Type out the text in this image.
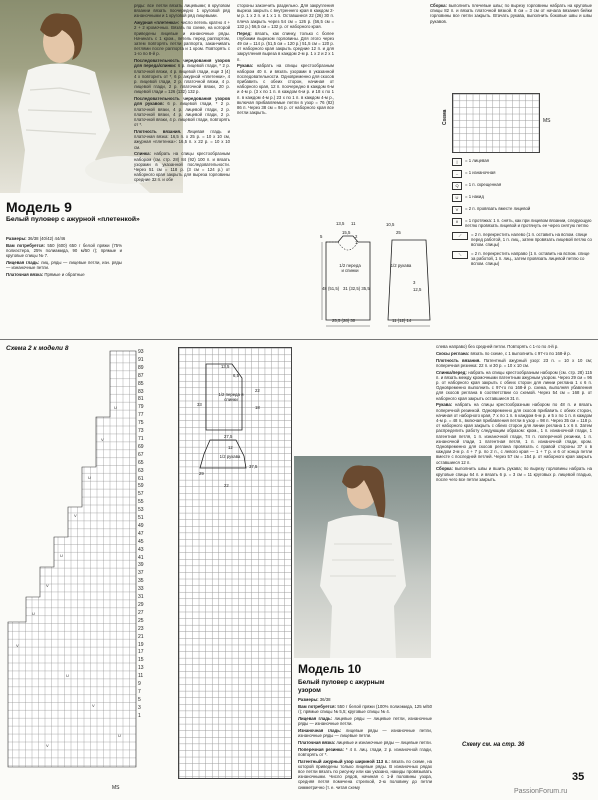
Модель 9
Белый пуловер с ажурной «плетенкой»

Размеры: 36/38 (40/42) 44/46

Вам потребуется: 550 (600) 650 г белой пряжи (75% полиэстера, 25% полиамида, 90 м/50 г); прямые и круговые спицы № 7.

Лицевая гладь: лиц. ряды — лицевые петли, изн. ряды — изнаночные петли.

Платочная вязка: Прямые и обратные

ряды: все петли вязать лицевыми; в круговом вязании вязать поочередно 1 круговой ряд изнаночными и 1 круговой ряд лицевыми.

Ажурная «плетенка»: число петель кратно 4 + 2 + 2 кромочных. Вязать по схеме, на которой приведены лицевые и изнаночные ряды. Начинать с 1 кром., петель перед раппортом, затем повторять петли раппорта, заканчивать петлями после раппорта и 1 кром. Повторять с 1-го по 8-й р.

Последовательность чередования узоров для переда/спинки: 6 р. лицевой глади, * 2 р. платочной вязки, 4 р. лицевой глади, еще 3 (4) 4 х повторить от *, 6 р. ажурной «плетенки», 4 р. лицевой глади, 2 р. платочной вязки, 4 р. лицевой глади, 2 р. платочной вязки, 20 р. лицевой глади = 126 (132) 132 р.

Последовательность чередования узоров для рукавов: 6 р. лицевой глади, * 2 р. платочной вязки, 4 р. лицевой глади, 2 р. платочной вязки, 4 р. лицевой глади, 2 р. платочной вязки, 4 р. лицевой глади, повторять от *.

Плотность вязания. Лицевая гладь и платочная вязка: 16,5 п. x 25 р. = 10 x 10 см, ажурная «плетенка»: 16,5 п. x 22 р. = 10 x 10 см.

Спинка: набрать на спицы крестообразным набором (см. стр. 28) 84 (92) 100 п. и вязать узорами в указанной последовательности. Через 51 см = 118 р. (3 см = 124 р.) от наборного края закрыть для выреза горловины средние 32 п. и обе

стороны закончить раздельно. Для закругления выреза закрыть с внутреннего края в каждом 2-м р. 1 x 2 п. и 1 x 1 п. Оставшиеся 22 (26) 30 п. плеча закрыть через 54 см = 126 р. (56,5 см = 132 р.) 56,5 см = 132 р. от наборного края.

Перед: вязать, как спинку, только с более глубоким вырезом горловины. Для этого через 49 см = 114 р. (51,5 см = 120 р.) 51,5 см = 120 р. от наборного края закрыть средние 12 п. и для закругления выреза в каждом 2-м р. 1 x 2 и 2 x 1 п.

Рукава: набрать на спицы крестообразным набором 40 п. и вязать узорами в указанной последовательности. Одновременно для скосов прибавить с обеих сторон, начиная от наборного края, 12 п. поочередно в каждом 6-м и 4-м р. (3 x по 1 п. в каждом 6-м р. и 18 x по 1 п. в каждом 4-м р.) 23 x по 1 п. в каждом 4-м р., включая прибавляемые петли в узор = 76 (82) 86 п. Через 38 см = 94 р. от наборного края все петли закрыть.

Сборка: выполнить плечевые швы; по вырезу горловины набрать на круговые спицы 82 п. и вязать платочной вязкой. 8 см = 3 см от начала вязания бейки горловины все петли закрыть. Втачать рукава, выполнить боковые швы и швы рукавов.

Схема	MS
|	= 1 лицевая
–	= 1 изнаночная
Q	= 1 п. скрещенная
U	= 1 накид
V	= 2 п. провязать вместе лицевой
∨	= 1 протяжка: 1 п. снять, как при лицевом вязании, следующую петлю провязать лицевой и протянуть ее через снятую петлю
⟋	= 2 п. перекрестить налево (1 п. оставить на вспом. спице перед работой, 1 п. лиц., затем провязать лицевой петлю со вспом. спицы)
⟍	= 2 п. перекрестить направо (1 п. оставить на вспом. спице за работой, 1 п. лиц., затем провязать лицевой петлю со вспом. спицы)
1/2 переда и спинки
1/2 рукава
13,5 11
15,5
5	2
1
10,5
48 (51,5) 31 (32,5) 35,5
25,5 (28) 30
12,5
3
11 (12) 14
25
Схема 2 к модели 8
U
V
U
V
U
V
U
V
U
V
U
V
93
91
89
87
85
83
81
79
77
75
73
71
69
67
65
63
61
59
57
55
53
51
49
47
45
43
41
39
37
35
33
31
29
27
25
23
21
19
17
15
13
11
9
7
5
3
1
MS
1/2 переда и спинки
1/2 рукава
13,5
6,5
33
22
27,5
18
12
29
37,5
22
Модель 10
Белый пуловер с ажурным узором

Размеры: 36/38

Вам потребуется: 550 г белой пряжи (100% полиэмида, 125 м/50 г); прямые спицы № 5,5; круговые спицы № 4.

Лицевая гладь: лицевые ряды — лицевые петли, изнаночные ряды — изнаночные петли.

Изнаночная гладь: лицевые ряды — изнаночные петли, изнаночные ряды — лицевые петли.

Платочная вязка: лицевые и изнаночные ряды — лицевые петли.

Поперечная резинка: * 4 п. лиц. глади, 2 р. изнаночной глади, повторять от *.

Патентный ажурный узор шириной 113 п.: вязать по схеме, на которой приведены только лицевые ряды. В изнаночных рядах все петли вязать по рисунку или как указано, накиды провязывать изнаночными. Число рядов, начиная с 1-й половины узора, средняя петля помечена стрелкой, 2-ю половину до петли симметрично (т. е. читая схему

слева направо) без средней петли. Повторять с 1-го по 4-й р.

Скосы реглана: вязать по схеме, с 1 выполнить с 97-го по 168-й р.

Плотность вязания. Патентный ажурный узор: 23 п. = 10 x 10 см; поперечная резинка: 22 п. и 30 р. = 10 x 10 см.

Спинка/перед: набрать на спицы крестообразным набором (см. стр. 28) 115 п. и вязать между кромочными патентным ажурным узором. Через 29 см = 96 р. от наборного края закрыть с обеих сторон для линии реглана 1 x 6 п. Одновременно выполнить с 97-го по 168-й р. схема, выполняя убавления для скосов реглана в соответствии со схемой. Через 54 см = 168 р. от наборного края закрыть оставшиеся 31 п.

Рукава: набрать на спицы крестообразным набором по 48 п. и вязать поперечной резинкой. Одновременно для скосов прибавить с обеих сторон, начиная от наборного края, 7 x по 1 п. в каждом 6-м р. и 5 x по 1 п. в каждом 4-м р. = 48 п., включая прибавления петли в узор = 98 п. Через 35 см = 118 р. от наборного края закрыть с обеих сторон для линии реглана 1 x 6 п. Затем распределить работу следующим образом: кром., 1 п. изнаночной глади, 1 патентная петля, 1 п. изнаночной глади, 74 п. поперечной резинки, 1 п. изнаночной глади, 1 патентная петля, 1 п. изнаночной глади, кром. Одновременно для скосов реглана провязать с правой стороны 37 х в каждом 2-м р. 4 + 7 р. по 2 п., с левого края — 1 + 7 р. и 6 от конца петли вместе с последней петлей. Через 57 см = 154 р. от наборного края закрыть оставшиеся 12 п.

Сборка: выполнить швы и вшить рукава; по вырезу горловины набрать на круговые спицы 64 п. и вязать 6 р. = 3 см = 11 круговых р. лицевой гладью, после чего все петли закрыть.

Схему см. на стр. 36
35
PassionForum.ru
